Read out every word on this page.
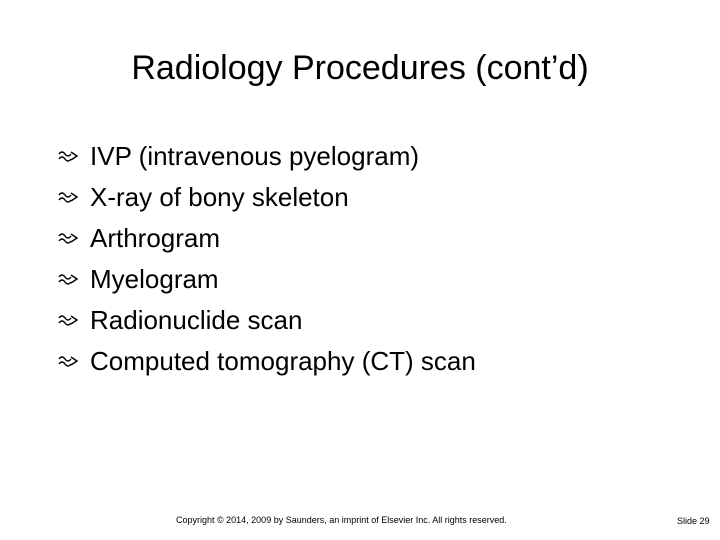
Radiology Procedures (cont’d)
IVP (intravenous pyelogram)
X-ray of bony skeleton
Arthrogram
Myelogram
Radionuclide scan
Computed tomography (CT) scan
Copyright © 2014, 2009 by Saunders, an imprint of Elsevier Inc. All rights reserved.	Slide 29
